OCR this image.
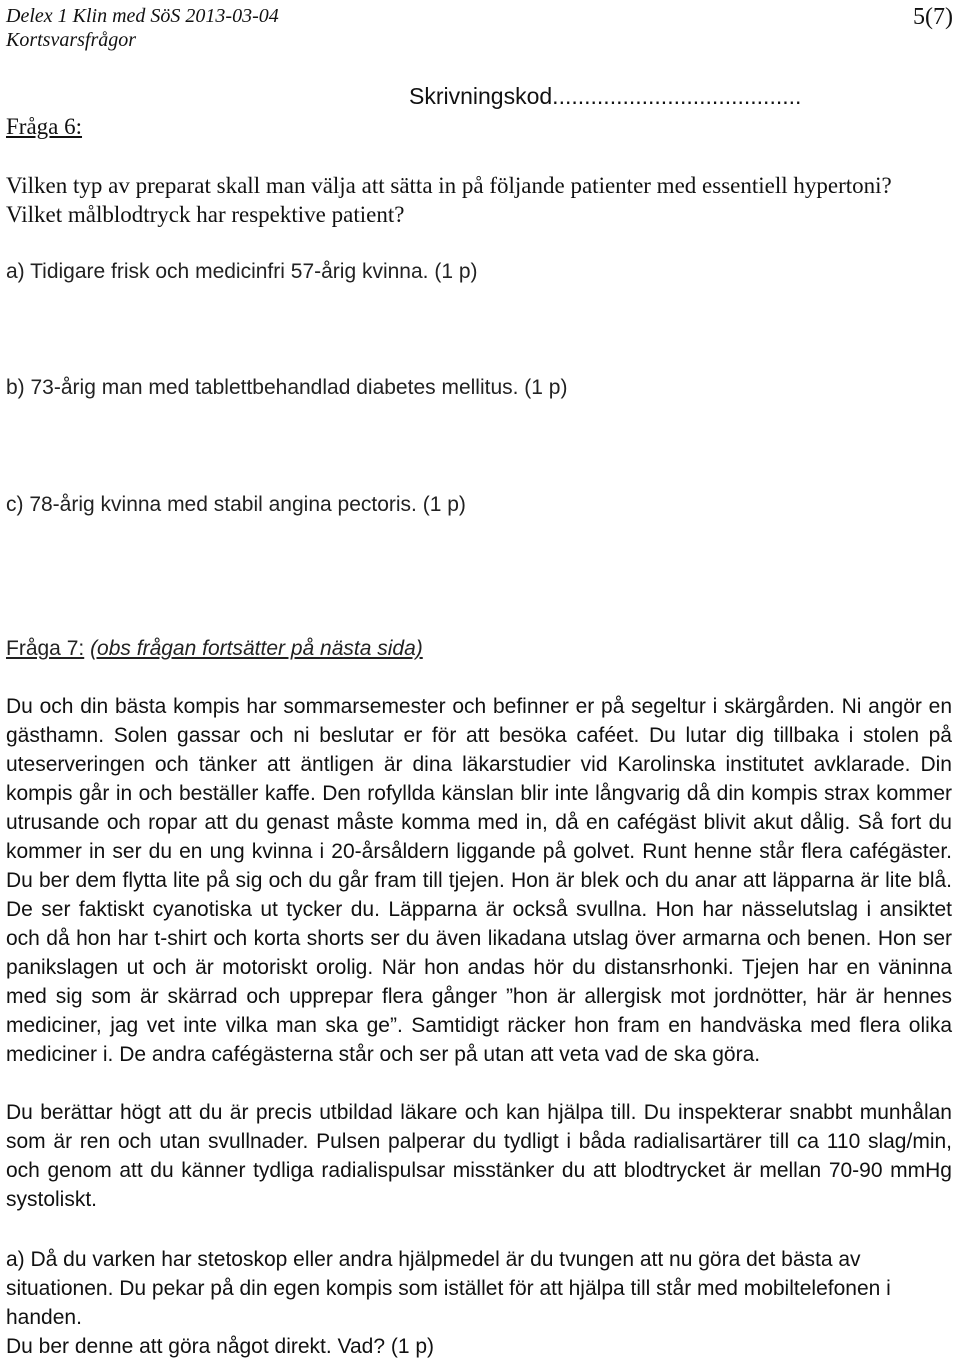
Delex 1 Klin med SöS 2013-03-04
Kortsvarsfrågor
5(7)
Skrivningskod.......................................
Fråga 6:
Vilken typ av preparat skall man välja att sätta in på följande patienter med essentiell hypertoni? Vilket målblodtryck har respektive patient?
a) Tidigare frisk och medicinfri 57-årig kvinna. (1 p)
b) 73-årig man med tablettbehandlad diabetes mellitus. (1 p)
c) 78-årig kvinna med stabil angina pectoris. (1 p)
Fråga 7: (obs frågan fortsätter på nästa sida)
Du och din bästa kompis har sommarsemester och befinner er på segeltur i skärgården. Ni angör en gästhamn. Solen gassar och ni beslutar er för att besöka caféet. Du lutar dig tillbaka i stolen på uteserveringen och tänker att äntligen är dina läkarstudier vid Karolinska institutet avklarade. Din kompis går in och beställer kaffe. Den rofyllda känslan blir inte långvarig då din kompis strax kommer utrusande och ropar att du genast måste komma med in, då en cafégäst blivit akut dålig. Så fort du kommer in ser du en ung kvinna i 20-årsåldern liggande på golvet. Runt henne står flera cafégäster. Du ber dem flytta lite på sig och du går fram till tjejen. Hon är blek och du anar att läpparna är lite blå. De ser faktiskt cyanotiska ut tycker du. Läpparna är också svullna. Hon har nässelutslag i ansiktet och då hon har t-shirt och korta shorts ser du även likadana utslag över armarna och benen. Hon ser panikslagen ut och är motoriskt orolig. När hon andas hör du distansrhonki. Tjejen har en väninna med sig som är skärrad och upprepar flera gånger ”hon är allergisk mot jordnötter, här är hennes mediciner, jag vet inte vilka man ska ge”. Samtidigt räcker hon fram en handväska med flera olika mediciner i. De andra cafégästerna står och ser på utan att veta vad de ska göra.
Du berättar högt att du är precis utbildad läkare och kan hjälpa till. Du inspekterar snabbt munhålan som är ren och utan svullnader. Pulsen palperar du tydligt i båda radialisartärer till ca 110 slag/min, och genom att du känner tydliga radialispulsar misstänker du att blodtrycket är mellan 70-90 mmHg systoliskt.
a) Då du varken har stetoskop eller andra hjälpmedel är du tvungen att nu göra det bästa av situationen. Du pekar på din egen kompis som istället för att hjälpa till står med mobiltelefonen i handen.
Du ber denne att göra något direkt. Vad? (1 p)
